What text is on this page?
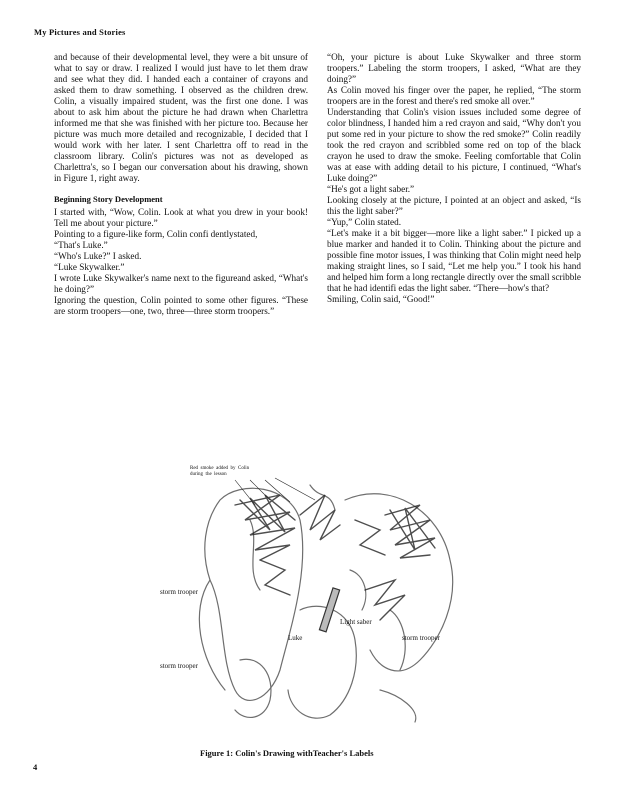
My Pictures and Stories

and because of their developmental level, they were a bit unsure of what to say or draw. I realized I would just have to let them draw and see what they did. I handed each a container of crayons and asked them to draw something. I observed as the children drew. Colin, a visually impaired student, was the first one done. I was about to ask him about the picture he had drawn when Charlettra informed me that she was finished with her picture too. Because her picture was much more detailed and recognizable, I decided that I would work with her later. I sent Charlettra off to read in the classroom library. Colin's pictures was not as developed as Charlettra's, so I began our conversation about his drawing, shown in Figure 1, right away.

Beginning Story Development

I started with, “Wow, Colin. Look at what you drew in your book! Tell me about your picture.”

Pointing to a figure-like form, Colin confi dentlystated,

“That's Luke.”

“Who's Luke?” I asked.

“Luke Skywalker.”

I wrote Luke Skywalker's name next to the figureand asked, “What's he doing?”

Ignoring the question, Colin pointed to some other figures. “These are storm troopers—one, two, three—three storm troopers.”

“Oh, your picture is about Luke Skywalker and three storm troopers.” Labeling the storm troopers, I asked, “What are they doing?”

As Colin moved his finger over the paper, he replied, “The storm troopers are in the forest and there's red smoke all over.”

Understanding that Colin's vision issues included some degree of color blindness, I handed him a red crayon and said, “Why don't you put some red in your picture to show the red smoke?” Colin readily took the red crayon and scribbled some red on top of the black crayon he used to draw the smoke. Feeling comfortable that Colin was at ease with adding detail to his picture, I continued, “What's Luke doing?”

“He's got a light saber.”

Looking closely at the picture, I pointed at an object and asked, “Is this the light saber?”

“Yup,” Colin stated.

“Let's make it a bit bigger—more like a light saber.” I picked up a blue marker and handed it to Colin. Thinking about the picture and possible fine motor issues, I was thinking that Colin might need help making straight lines, so I said, “Let me help you.” I took his hand and helped him form a long rectangle directly over the small scribble that he had identifi edas the light saber. “There—how's that?

Smiling, Colin said, “Good!”

Red  smoke  added  by  Colin
during  the  lesson
storm trooper
Light saber
Luke	storm trooper
storm trooper
Figure 1: Colin's Drawing withTeacher's Labels
4
